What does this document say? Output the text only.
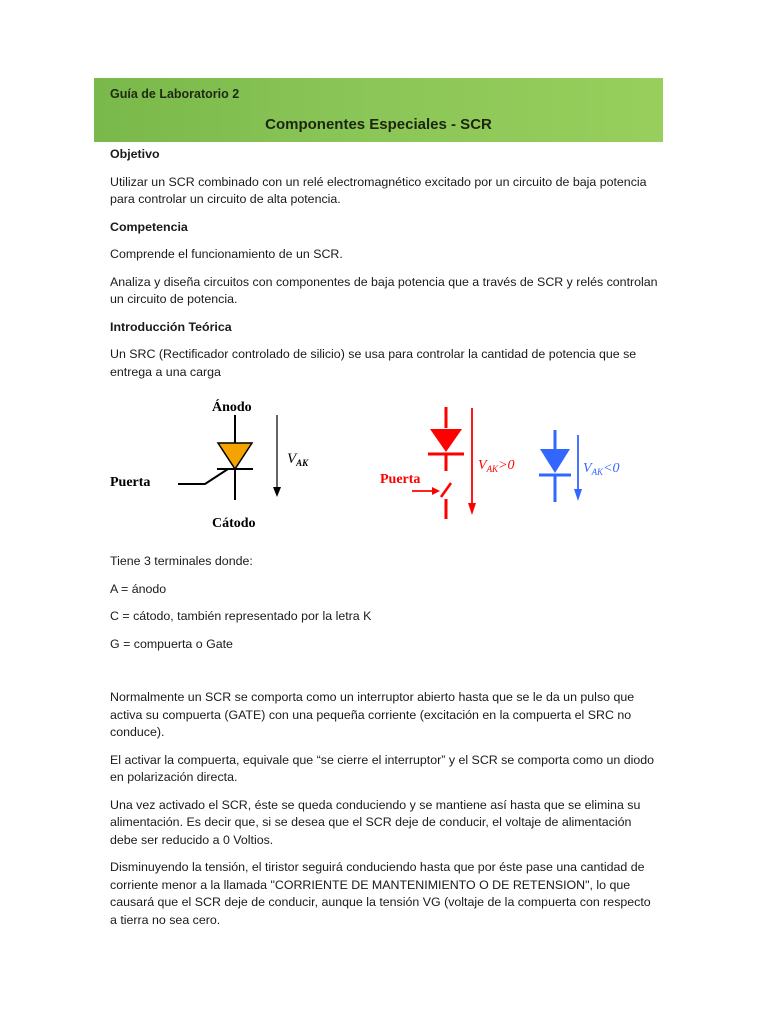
Guía de Laboratorio 2
Componentes Especiales - SCR

Objetivo

Utilizar un SCR combinado con un relé electromagnético excitado por un circuito de baja potencia para controlar un circuito de alta potencia.

Competencia

Comprende el funcionamiento de un SCR.

Analiza y diseña circuitos con componentes de baja potencia que a través de SCR y relés controlan un circuito de potencia.

Introducción Teórica

Un SRC (Rectificador controlado de silicio) se usa para controlar la cantidad de potencia que se entrega a una carga

Ánodo
Cátodo
Puerta
$V_{AK}$
Puerta
$V_{AK}>0$	$V_{AK}<0$

Tiene 3 terminales donde:

A = ánodo

C = cátodo, también representado por la letra K

G = compuerta o Gate

Normalmente un SCR se comporta como un interruptor abierto hasta que se le da un pulso que activa su compuerta (GATE) con una pequeña corriente (excitación en la compuerta el SRC no conduce).

El activar la compuerta, equivale que “se cierre el interruptor” y el SCR se comporta como un diodo en polarización directa.

Una vez activado el SCR, éste se queda conduciendo y se mantiene así hasta que se elimina su alimentación. Es decir que, si se desea que el SCR deje de conducir, el voltaje de alimentación debe ser reducido a 0 Voltios.

Disminuyendo la tensión, el tiristor seguirá conduciendo hasta que por éste pase una cantidad de corriente menor a la llamada "CORRIENTE DE MANTENIMIENTO O DE RETENSION", lo que causará que el SCR deje de conducir, aunque la tensión VG (voltaje de la compuerta con respecto a tierra no sea cero.
